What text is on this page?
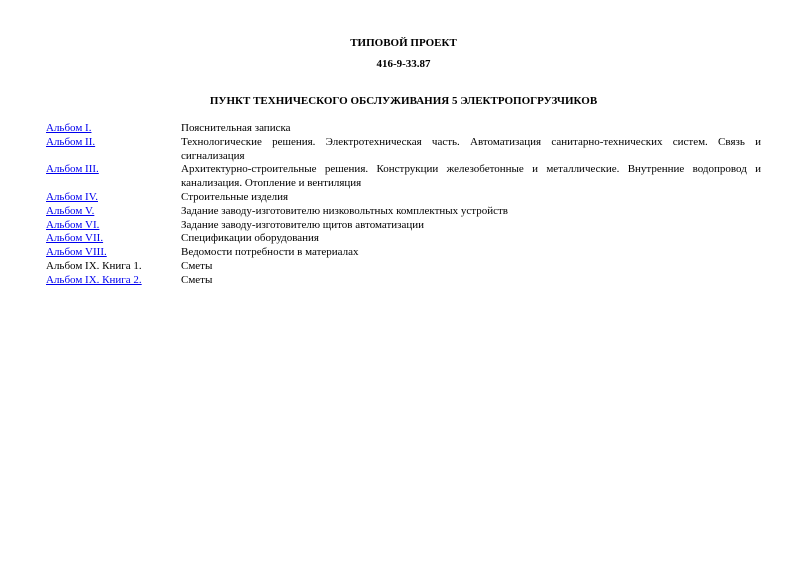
ТИПОВОЙ ПРОЕКТ
416-9-33.87
ПУНКТ ТЕХНИЧЕСКОГО ОБСЛУЖИВАНИЯ 5 ЭЛЕКТРОПОГРУЗЧИКОВ
Альбом I.	Пояснительная записка
Альбом II.	Технологические решения. Электротехническая часть. Автоматизация санитарно-технических систем. Связь и сигнализация
Альбом III.	Архитектурно-строительные решения. Конструкции железобетонные и металлические. Внутренние водопровод и канализация. Отопление и вентиляция
Альбом IV.	Строительные изделия
Альбом V.	Задание заводу-изготовителю низковольтных комплектных устройств
Альбом VI.	Задание заводу-изготовителю щитов автоматизации
Альбом VII.	Спецификации оборудования
Альбом VIII.	Ведомости потребности в материалах
Альбом IX. Книга 1.	Сметы
Альбом IX. Книга 2.	Сметы
